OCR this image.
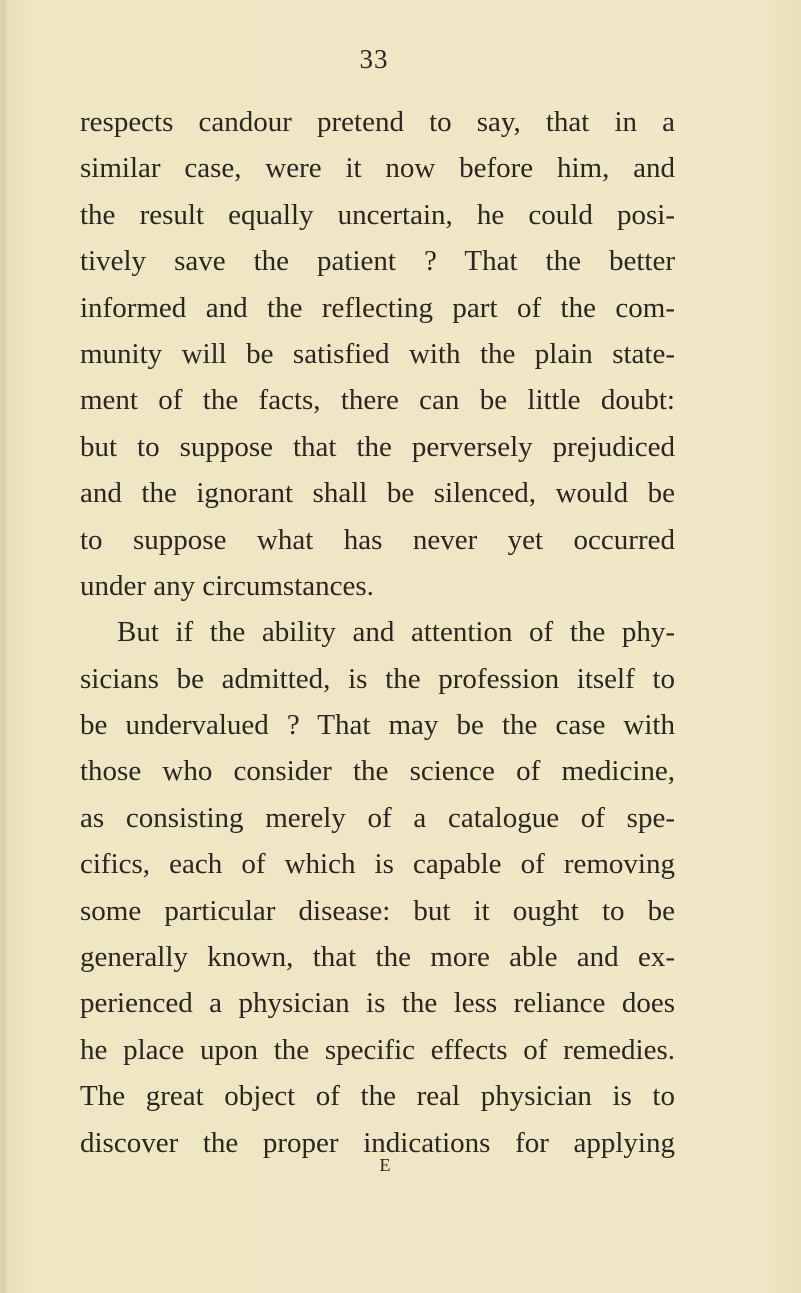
33
respects candour pretend to say, that in a
similar case, were it now before him, and
the result equally uncertain, he could posi-
tively save the patient ? That the better
informed and the reflecting part of the com-
munity will be satisfied with the plain state-
ment of the facts, there can be little doubt:
but to suppose that the perversely prejudiced
and the ignorant shall be silenced, would be
to suppose what has never yet occurred
under any circumstances.
But if the ability and attention of the phy-
sicians be admitted, is the profession itself to
be undervalued ? That may be the case with
those who consider the science of medicine,
as consisting merely of a catalogue of spe-
cifics, each of which is capable of removing
some particular disease: but it ought to be
generally known, that the more able and ex-
perienced a physician is the less reliance does
he place upon the specific effects of remedies.
The great object of the real physician is to
discover the proper indications for applying
E
